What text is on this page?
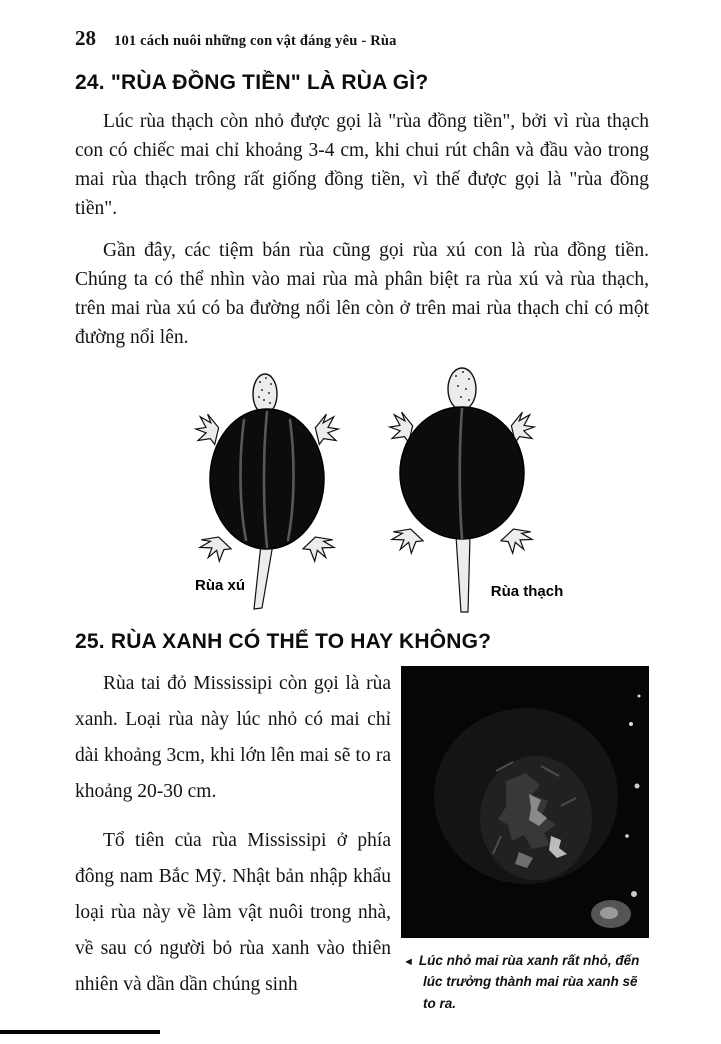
28 101 cách nuôi những con vật đáng yêu - Rùa
24. "RÙA ĐỒNG TIỀN" LÀ RÙA GÌ?

Lúc rùa thạch còn nhỏ được gọi là "rùa đồng tiền", bởi vì rùa thạch con có chiếc mai chỉ khoảng 3-4 cm, khi chui rút chân và đầu vào trong mai rùa thạch trông rất giống đồng tiền, vì thế được gọi là "rùa đồng tiền".

Gần đây, các tiệm bán rùa cũng gọi rùa xú con là rùa đồng tiền. Chúng ta có thể nhìn vào mai rùa mà phân biệt ra rùa xú và rùa thạch, trên mai rùa xú có ba đường nổi lên còn ở trên mai rùa thạch chỉ có một đường nổi lên.

Rùa xú	Rùa thạch
25. RÙA XANH CÓ THỂ TO HAY KHÔNG?

Rùa tai đỏ Mississipi còn gọi là rùa xanh. Loại rùa này lúc nhỏ có mai chỉ dài khoảng 3cm, khi lớn lên mai sẽ to ra khoảng 20-30 cm.

Tổ tiên của rùa Mississipi ở phía đông nam Bắc Mỹ. Nhật bản nhập khẩu loại rùa này về làm vật nuôi trong nhà, về sau có người bỏ rùa xanh vào thiên nhiên và dần dần chúng sinh

◄ Lúc nhỏ mai rùa xanh rất nhỏ, đến lúc trưởng thành mai rùa xanh sẽ to ra.
